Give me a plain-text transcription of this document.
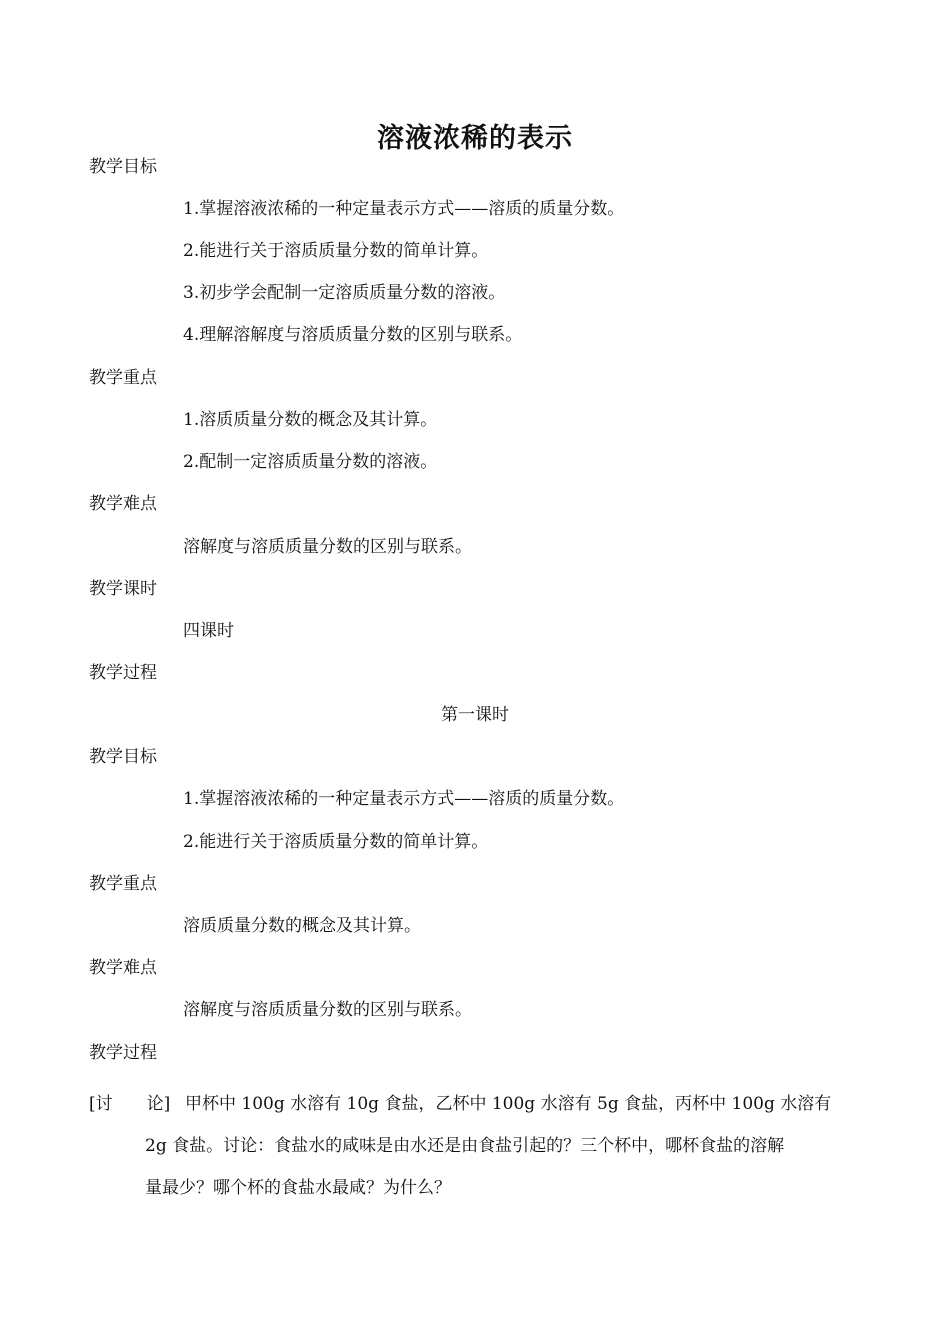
溶液浓稀的表示
教学目标
1.掌握溶液浓稀的一种定量表示方式——溶质的质量分数。
2.能进行关于溶质质量分数的简单计算。
3.初步学会配制一定溶质质量分数的溶液。
4.理解溶解度与溶质质量分数的区别与联系。
教学重点
1.溶质质量分数的概念及其计算。
2.配制一定溶质质量分数的溶液。
教学难点
溶解度与溶质质量分数的区别与联系。
教学课时
四课时
教学过程
第一课时
教学目标
1.掌握溶液浓稀的一种定量表示方式——溶质的质量分数。
2.能进行关于溶质质量分数的简单计算。
教学重点
溶质质量分数的概念及其计算。
教学难点
溶解度与溶质质量分数的区别与联系。
教学过程
[讨　　论] 甲杯中 100g 水溶有 10g 食盐，乙杯中 100g 水溶有 5g 食盐，丙杯中 100g 水溶有
2g 食盐。讨论：食盐水的咸味是由水还是由食盐引起的？三个杯中，哪杯食盐的溶解
量最少？哪个杯的食盐水最咸？为什么？
